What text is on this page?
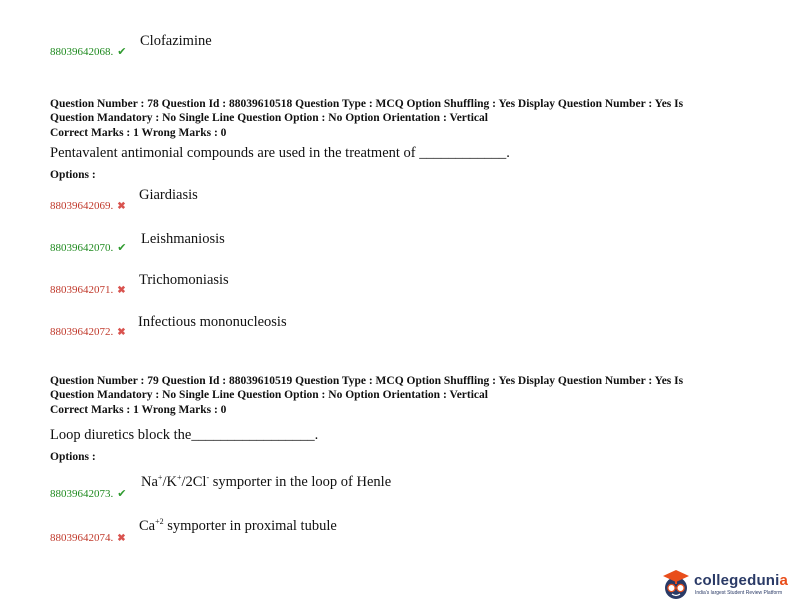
88039642068. ✔
Clofazimine
Question Number : 78 Question Id : 88039610518 Question Type : MCQ Option Shuffling : Yes Display Question Number : Yes Is
Question Mandatory : No Single Line Question Option : No Option Orientation : Vertical
Correct Marks : 1 Wrong Marks : 0
Pentavalent antimonial compounds are used in the treatment of ____________.
Options :
88039642069. ✖
Giardiasis
88039642070. ✔
Leishmaniosis
88039642071. ✖
Trichomoniasis
88039642072. ✖
Infectious mononucleosis
Question Number : 79 Question Id : 88039610519 Question Type : MCQ Option Shuffling : Yes Display Question Number : Yes Is
Question Mandatory : No Single Line Question Option : No Option Orientation : Vertical
Correct Marks : 1 Wrong Marks : 0
Loop diuretics block the_________________.
Options :
88039642073. ✔
Na+/K+/2Cl- symporter in the loop of Henle
88039642074. ✖
$Ca^{+2}$ symporter in proximal tubule
collegedunia
India's largest Student Review Platform
